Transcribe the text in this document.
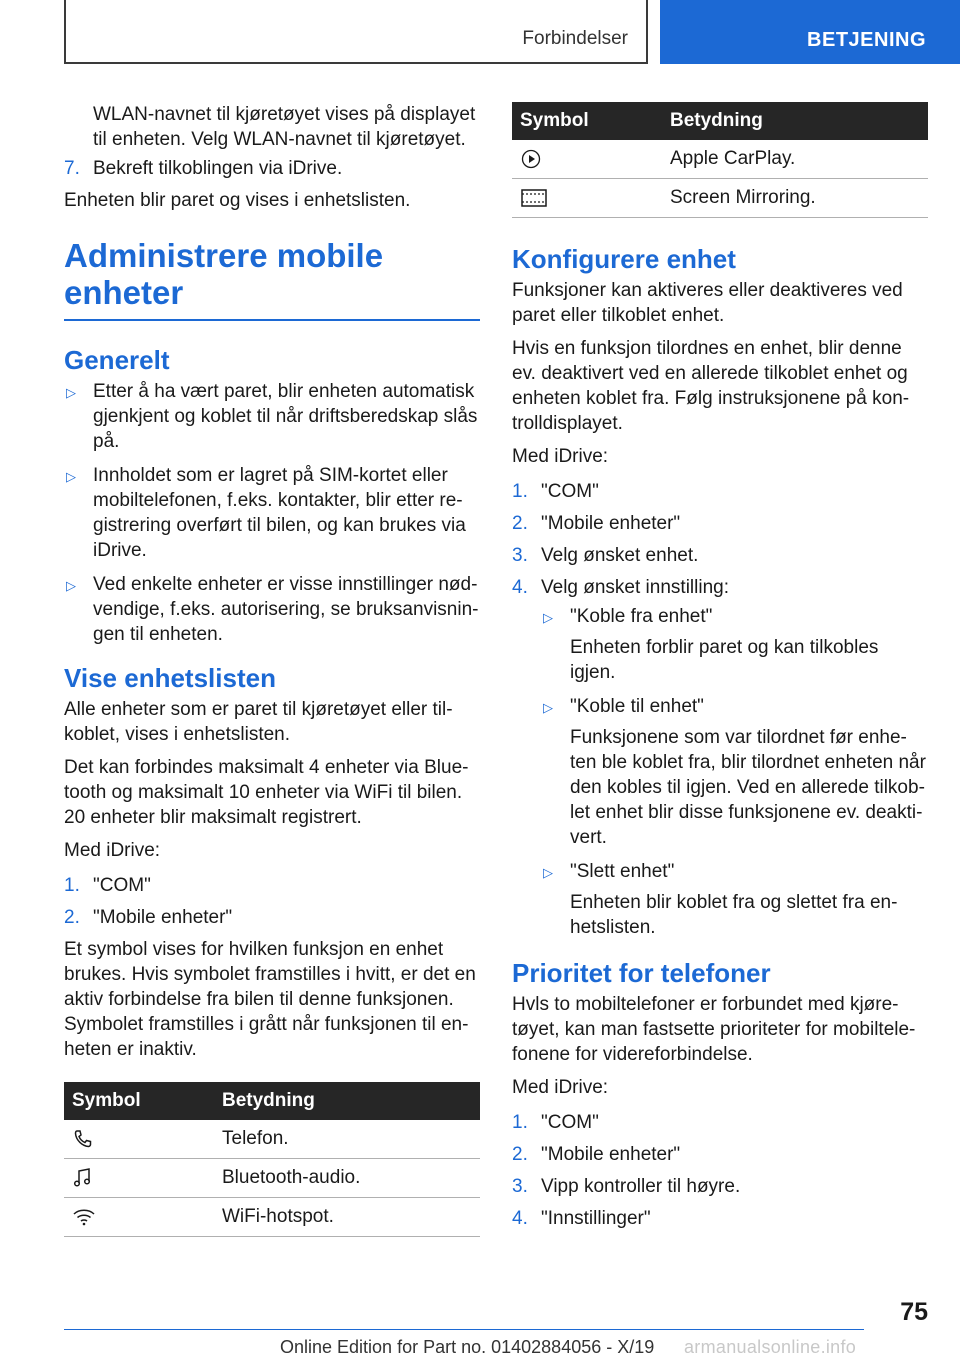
Forbindelser	BETJENING

WLAN-navnet til kjøretøyet vises på displayet til enheten. Velg WLAN-navnet til kjøretøyet.

7. Bekreft tilkoblingen via iDrive.

Enheten blir paret og vises i enhetslisten.

Administrere mobile enheter
Generelt
▷ Etter å ha vært paret, blir enheten automatisk gjenkjent og koblet til når driftsberedskap slås på.
▷ Innholdet som er lagret på SIM-kortet eller mobiltelefonen, f.eks. kontakter, blir etter re-gistrering overført til bilen, og kan brukes via iDrive.
▷ Ved enkelte enheter er visse innstillinger nød-vendige, f.eks. autorisering, se bruksanvisnin-gen til enheten.
Vise enhetslisten

Alle enheter som er paret til kjøretøyet eller til-koblet, vises i enhetslisten.

Det kan forbindes maksimalt 4 enheter via Blue-tooth og maksimalt 10 enheter via WiFi til bilen. 20 enheter blir maksimalt registrert.

Med iDrive:

1. "COM"
2. "Mobile enheter"

Et symbol vises for hvilken funksjon en enhet brukes. Hvis symbolet framstilles i hvitt, er det en aktiv forbindelse fra bilen til denne funksjonen. Symbolet framstilles i grått når funksjonen til en-heten er inaktiv.

Symbol	Betydning

	Telefon.

	Bluetooth-audio.

	WiFi-hotspot.
Symbol	Betydning

	Apple CarPlay.

	Screen Mirroring.
Konfigurere enhet

Funksjoner kan aktiveres eller deaktiveres ved paret eller tilkoblet enhet.

Hvis en funksjon tilordnes en enhet, blir denne ev. deaktivert ved en allerede tilkoblet enhet og enheten koblet fra. Følg instruksjonene på kon-trolldisplayet.

Med iDrive:

1. "COM"
2. "Mobile enheter"
3. Velg ønsket enhet.
4. Velg ønsket innstilling:
▷ "Koble fra enhet"
Enheten forblir paret og kan tilkobles igjen.
▷ "Koble til enhet"
Funksjonene som var tilordnet før enhe-ten ble koblet fra, blir tilordnet enheten når den kobles til igjen. Ved en allerede tilkob-let enhet blir disse funksjonene ev. deakti-vert.
▷ "Slett enhet"
Enheten blir koblet fra og slettet fra en-hetslisten.
Prioritet for telefoner

Hvls to mobiltelefoner er forbundet med kjøre-tøyet, kan man fastsette prioriteter for mobiltele-fonene for videreforbindelse.

Med iDrive:

1. "COM"
2. "Mobile enheter"
3. Vipp kontroller til høyre.
4. "Innstillinger"
75
Online Edition for Part no. 01402884056 - X/19 armanualsonline.info
